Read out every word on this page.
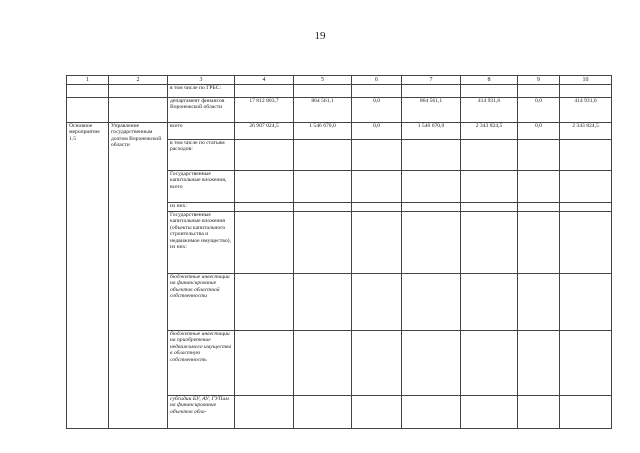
19
1	2	3	4	5	6	7	8	9	10
		в том числе по ГРБС:							
		департамент финансов Воронежской области	17 812 803,7	864 561,1	0,0	864 561,1	414 931,6	0,0	414 931,6
Основное мероприятие 1.5	Управление государственным долгом Воронежской области	всего	26 907 024,5	1 546 670,0	0,0	1 546 670,0	2 343 824,5	0,0	2 343 824,5
		в том числе по статьям расходов:							
		Государственные капитальные вложения, всего							
		из них:							
		Государственные капитальные вложения (объекты капитального строительства и недвижимое имущество), из них:							
		бюджетные инвестиции на финансирование объектов областной собственности							
		бюджетные инвестиции на приобретение недвижимого имущества в областную собственность							
		субсидии БУ, АУ, ГУПам на финансирование объектов обла-							
